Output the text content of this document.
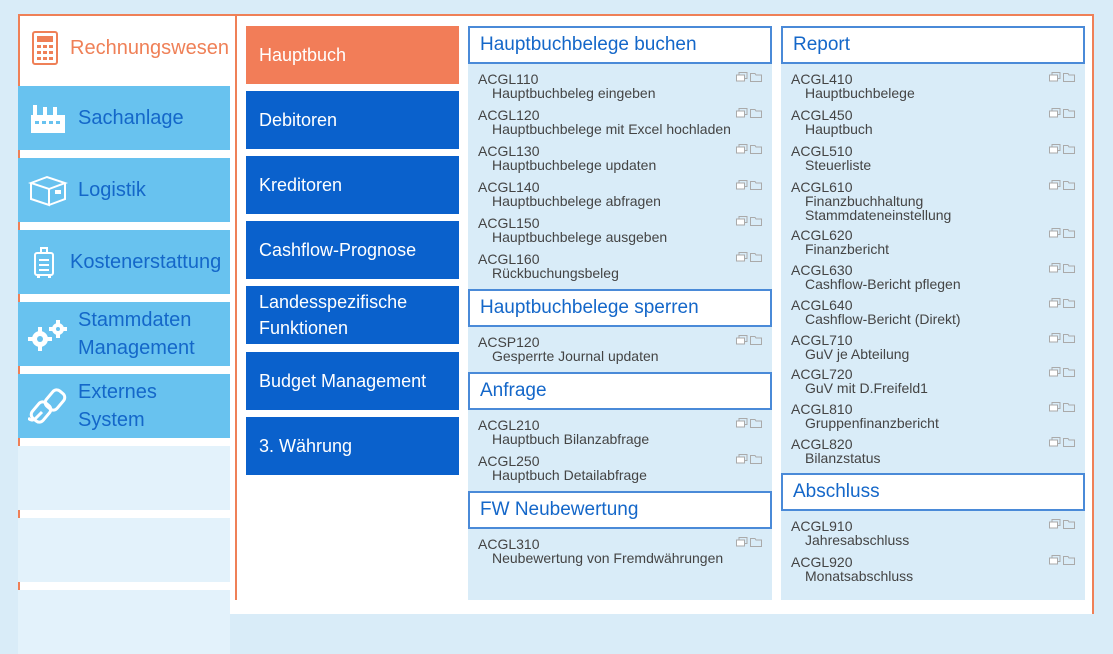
Rechnungswesen
Sachanlage
Logistik
Kostenerstattung
Stammdaten
Management
Externes
System
Hauptbuch
Debitoren
Kreditoren
Cashflow-Prognose
Landesspezifische
Funktionen
Budget Management
3. Währung
Hauptbuchbelege buchen
ACGL110
Hauptbuchbeleg eingeben
ACGL120
Hauptbuchbelege mit Excel hochladen
ACGL130
Hauptbuchbelege updaten
ACGL140
Hauptbuchbelege abfragen
ACGL150
Hauptbuchbelege ausgeben
ACGL160
Rückbuchungsbeleg
Hauptbuchbelege sperren
ACSP120
Gesperrte Journal updaten
Anfrage
ACGL210
Hauptbuch Bilanzabfrage
ACGL250
Hauptbuch Detailabfrage
FW Neubewertung
ACGL310
Neubewertung von Fremdwährungen
Report
ACGL410
Hauptbuchbelege
ACGL450
Hauptbuch
ACGL510
Steuerliste
ACGL610
Finanzbuchhaltung
Stammdateneinstellung
ACGL620
Finanzbericht
ACGL630
Cashflow-Bericht pflegen
ACGL640
Cashflow-Bericht (Direkt)
ACGL710
GuV je Abteilung
ACGL720
GuV mit D.Freifeld1
ACGL810
Gruppenfinanzbericht
ACGL820
Bilanzstatus
Abschluss
ACGL910
Jahresabschluss
ACGL920
Monatsabschluss
